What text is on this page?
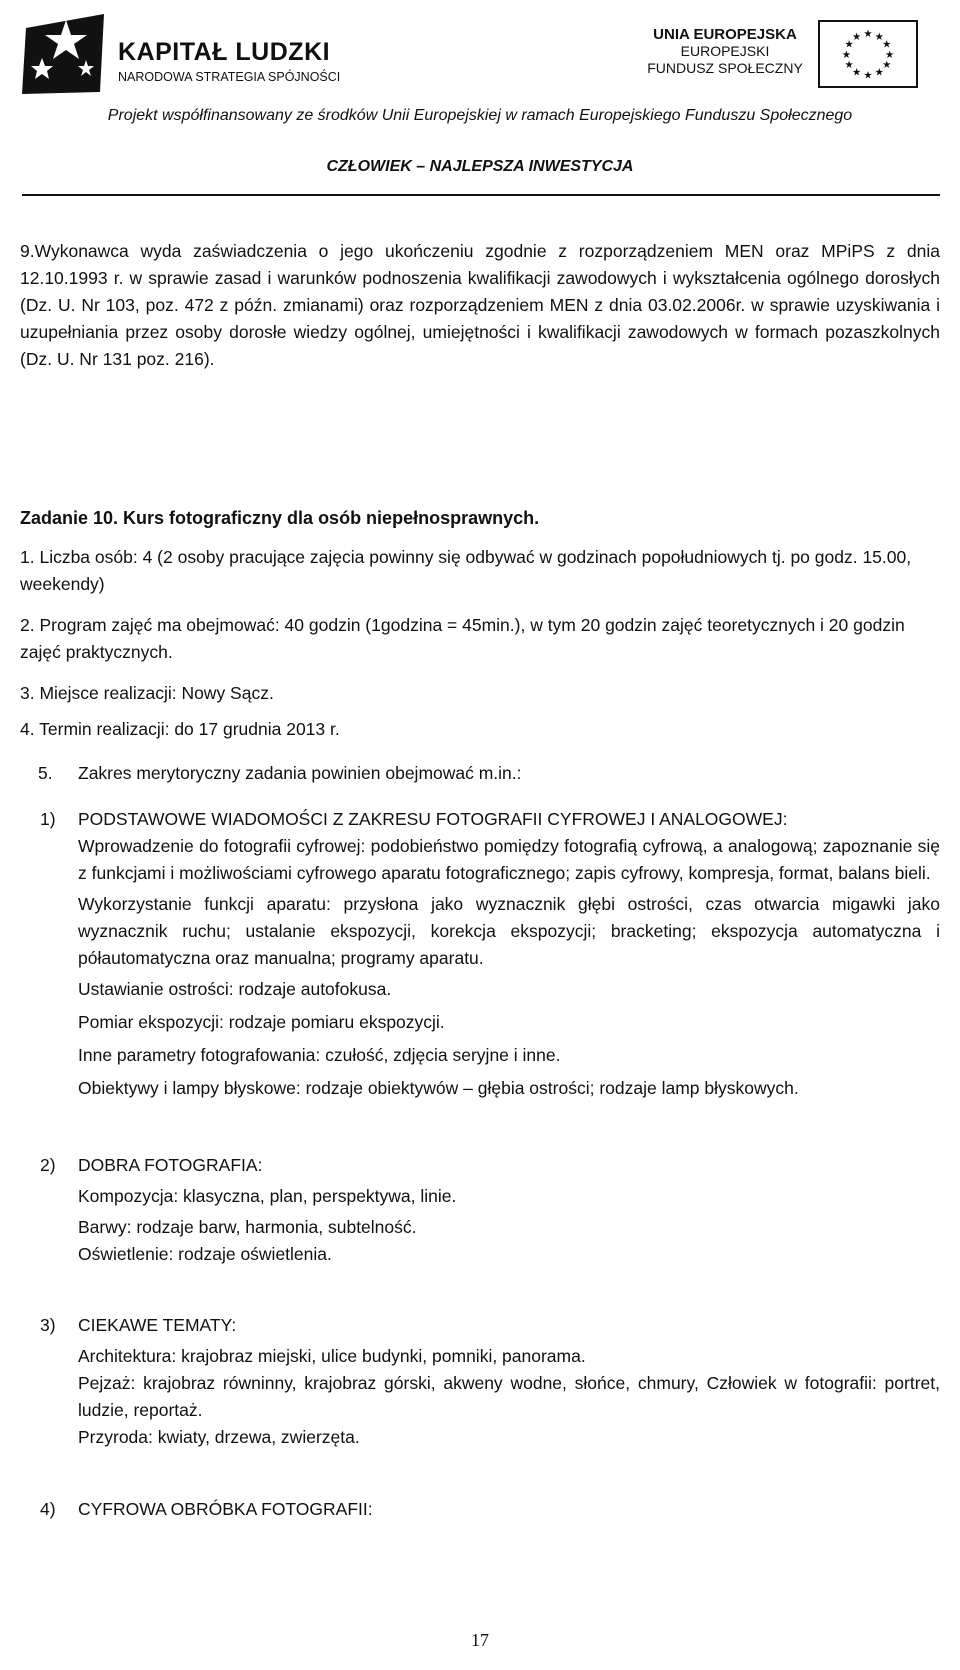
KAPITAŁ LUDZKI
NARODOWA STRATEGIA SPÓJNOŚCI
UNIA EUROPEJSKA
EUROPEJSKI
FUNDUSZ SPOŁECZNY
★ ★
★
★
★
★
★
★
★
★
★
★
Projekt współfinansowany ze środków Unii Europejskiej w ramach Europejskiego Funduszu Społecznego
CZŁOWIEK – NAJLEPSZA INWESTYCJA
9.Wykonawca wyda zaświadczenia o jego ukończeniu zgodnie z rozporządzeniem MEN oraz MPiPS z dnia 12.10.1993 r. w sprawie zasad i warunków podnoszenia kwalifikacji zawodowych i wykształcenia ogólnego dorosłych (Dz. U. Nr 103, poz. 472 z późn. zmianami) oraz rozporządzeniem MEN z dnia 03.02.2006r. w sprawie uzyskiwania i uzupełniania przez osoby dorosłe wiedzy ogólnej, umiejętności i kwalifikacji zawodowych w formach pozaszkolnych (Dz. U. Nr 131 poz. 216).
Zadanie 10. Kurs fotograficzny dla osób niepełnosprawnych.
1. Liczba osób: 4 (2 osoby pracujące zajęcia powinny się odbywać w godzinach popołudniowych tj. po godz. 15.00, weekendy)
2. Program zajęć ma obejmować: 40 godzin (1godzina = 45min.), w tym 20 godzin zajęć teoretycznych i 20 godzin zajęć praktycznych.
3. Miejsce realizacji: Nowy Sącz.
4. Termin realizacji: do 17 grudnia 2013 r.
5. Zakres merytoryczny zadania powinien obejmować m.in.:
1)	PODSTAWOWE WIADOMOŚCI Z ZAKRESU FOTOGRAFII CYFROWEJ I ANALOGOWEJ:

Wprowadzenie do fotografii cyfrowej: podobieństwo pomiędzy fotografią cyfrową, a analogową; zapoznanie się z funkcjami i możliwościami cyfrowego aparatu fotograficznego; zapis cyfrowy, kompresja, format, balans bieli.

Wykorzystanie funkcji aparatu: przysłona jako wyznacznik głębi ostrości, czas otwarcia migawki jako wyznacznik ruchu; ustalanie ekspozycji, korekcja ekspozycji; bracketing; ekspozycja automatyczna i półautomatyczna oraz manualna; programy aparatu.

Ustawianie ostrości: rodzaje autofokusa.

Pomiar ekspozycji: rodzaje pomiaru ekspozycji.

Inne parametry fotografowania: czułość, zdjęcia seryjne i inne.

Obiektywy i lampy błyskowe: rodzaje obiektywów – głębia ostrości; rodzaje lamp błyskowych.

2)	DOBRA FOTOGRAFIA:

Kompozycja: klasyczna, plan, perspektywa, linie.

Barwy: rodzaje barw, harmonia, subtelność.

Oświetlenie: rodzaje oświetlenia.

3)	CIEKAWE TEMATY:

Architektura: krajobraz miejski, ulice budynki, pomniki, panorama.

Pejzaż: krajobraz równinny, krajobraz górski, akweny wodne, słońce, chmury, Człowiek w fotografii: portret, ludzie, reportaż.

Przyroda: kwiaty, drzewa, zwierzęta.

4)	CYFROWA OBRÓBKA FOTOGRAFII:

17
